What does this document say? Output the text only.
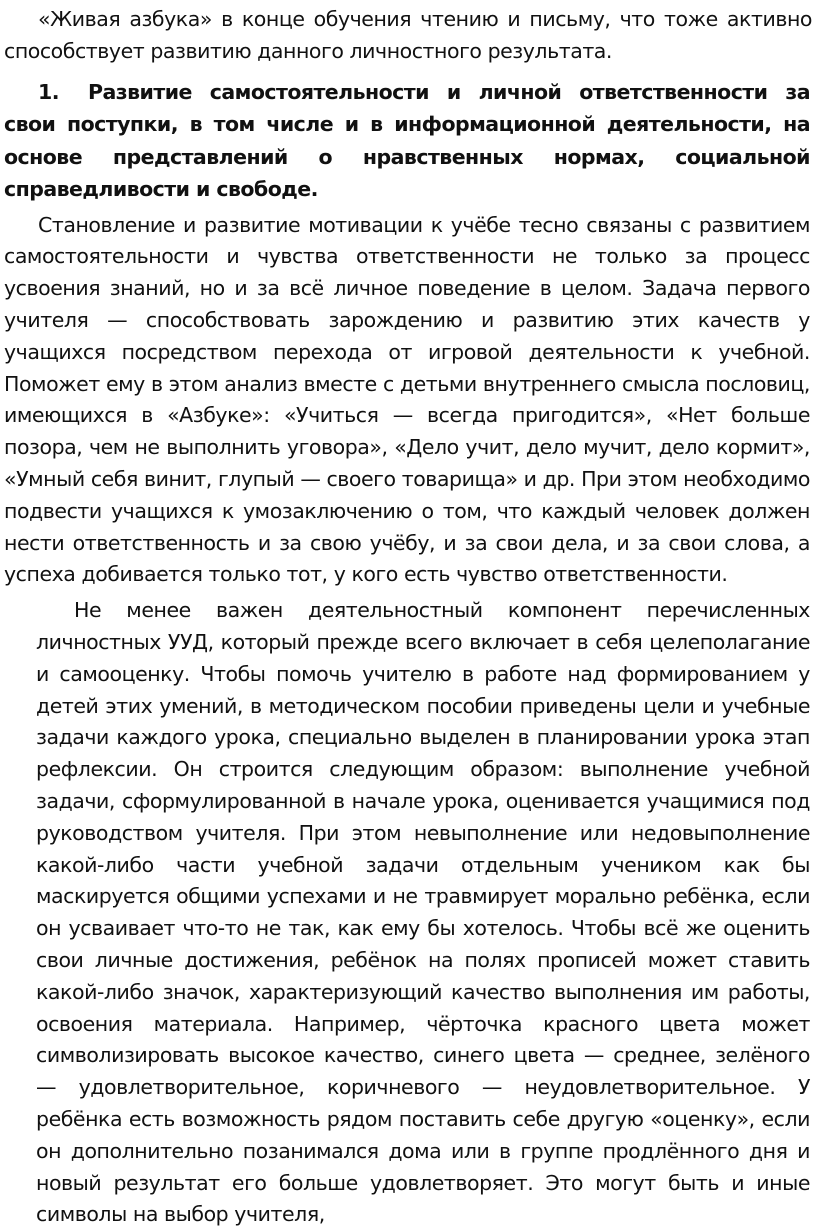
«Живая азбука» в конце обучения чтению и письму, что тоже активно способствует развитию данного личностного результата.

1. Развитие самостоятельности и личной ответственности за свои поступки, в том числе и в информационной деятельности, на основе представлений о нравственных нормах, социальной справедливости и свободе.

Становление и развитие мотивации к учёбе тесно связаны с развитием самостоятельности и чувства ответственности не только за процесс усвоения знаний, но и за всё личное поведение в целом. Задача первого учителя — способствовать зарождению и развитию этих качеств у учащихся посредством перехода от игровой деятельности к учебной. Поможет ему в этом анализ вместе с детьми внутреннего смысла пословиц, имеющихся в «Азбуке»: «Учиться — всегда пригодится», «Нет больше позора, чем не выполнить уговора», «Дело учит, дело мучит, дело кормит», «Умный себя винит, глупый — своего товарища» и др. При этом необходимо подвести учащихся к умозаключению о том, что каждый человек должен нести ответственность и за свою учёбу, и за свои дела, и за свои слова, а успеха добивается только тот, у кого есть чувство ответственности.

Не менее важен деятельностный компонент перечисленных личностных УУД, который прежде всего включает в себя целеполагание и самооценку. Чтобы помочь учителю в работе над формированием у детей этих умений, в методическом пособии приведены цели и учебные задачи каждого урока, специально выделен в планировании урока этап рефлексии. Он строится следующим образом: выполнение учебной задачи, сформулированной в начале урока, оценивается учащимися под руководством учителя. При этом невыполнение или недовыполнение какой-либо части учебной задачи отдельным учеником как бы маскируется общими успехами и не травмирует морально ребёнка, если он усваивает что-то не так, как ему бы хотелось. Чтобы всё же оценить свои личные достижения, ребёнок на полях прописей может ставить какой-либо значок, характеризующий качество выполнения им работы, освоения материала. Например, чёрточка красного цвета может символизировать высокое качество, синего цвета — среднее, зелёного — удовлетворительное, коричневого — неудовлетворительное. У ребёнка есть возможность рядом поставить себе другую «оценку», если он дополнительно позанимался дома или в группе продлённого дня и новый результат его больше удовлетворяет. Это могут быть и иные символы на выбор учителя,
